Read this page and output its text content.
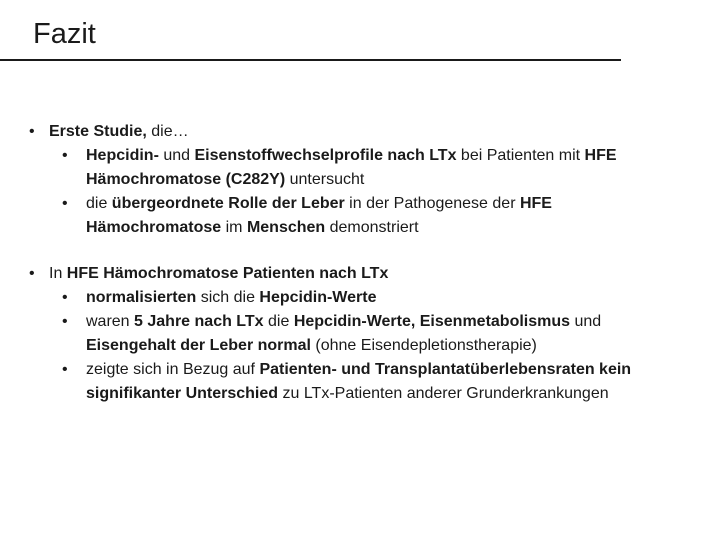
Fazit
• Erste Studie, die…
• Hepcidin- und Eisenstoffwechselprofile nach LTx bei Patienten mit HFE Hämochromatose (C282Y) untersucht
• die übergeordnete Rolle der Leber in der Pathogenese der HFE Hämochromatose im Menschen demonstriert
• In HFE Hämochromatose Patienten nach LTx
• normalisierten sich die Hepcidin-Werte
• waren 5 Jahre nach LTx die Hepcidin-Werte, Eisenmetabolismus und Eisengehalt der Leber normal (ohne Eisendepletionstherapie)
• zeigte sich in Bezug auf Patienten- und Transplantatüberlebensraten kein signifikanter Unterschied zu LTx-Patienten anderer Grunderkrankungen
